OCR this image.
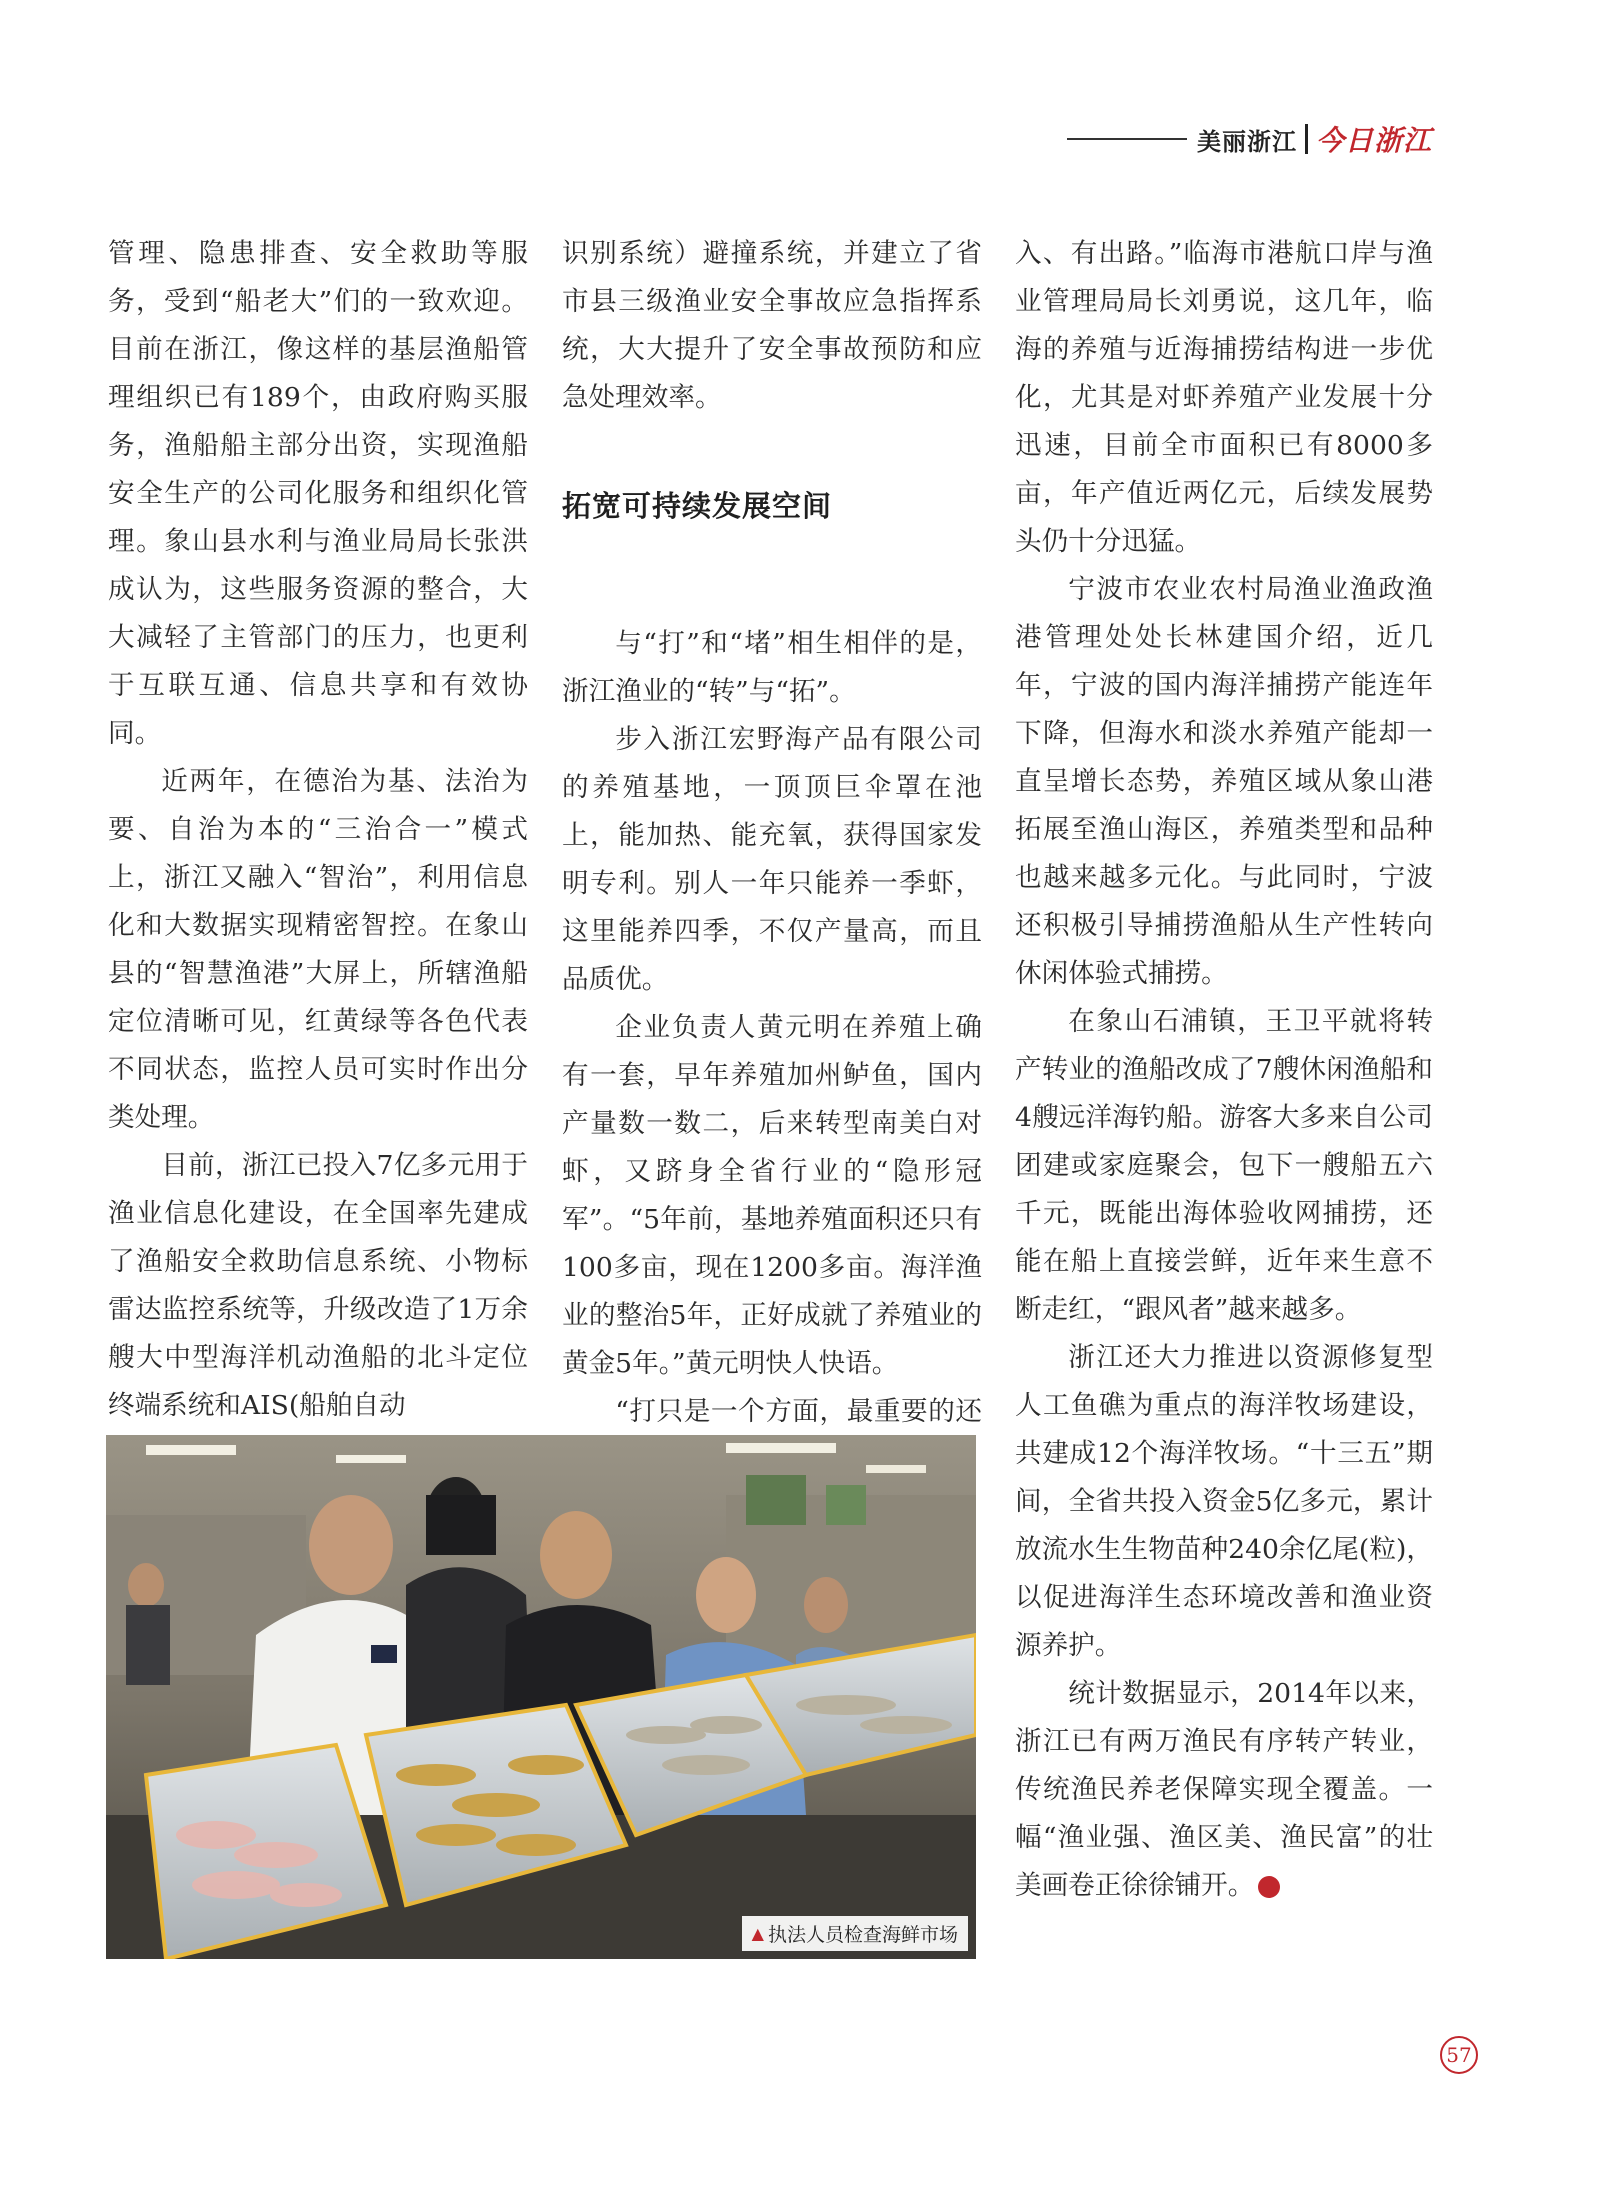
美丽浙江 今日浙江

管理、隐患排查、安全救助等服务，受到“船老大”们的一致欢迎。目前在浙江，像这样的基层渔船管理组织已有189个，由政府购买服务，渔船船主部分出资，实现渔船安全生产的公司化服务和组织化管理。象山县水利与渔业局局长张洪成认为，这些服务资源的整合，大大减轻了主管部门的压力，也更利于互联互通、信息共享和有效协同。

近两年，在德治为基、法治为要、自治为本的“三治合一”模式上，浙江又融入“智治”，利用信息化和大数据实现精密智控。在象山县的“智慧渔港”大屏上，所辖渔船定位清晰可见，红黄绿等各色代表不同状态，监控人员可实时作出分类处理。

目前，浙江已投入7亿多元用于渔业信息化建设，在全国率先建成了渔船安全救助信息系统、小物标雷达监控系统等，升级改造了1万余艘大中型海洋机动渔船的北斗定位终端系统和AIS(船舶自动

识别系统）避撞系统，并建立了省市县三级渔业安全事故应急指挥系统，大大提升了安全事故预防和应急处理效率。

拓宽可持续发展空间

与“打”和“堵”相生相伴的是，浙江渔业的“转”与“拓”。

步入浙江宏野海产品有限公司的养殖基地，一顶顶巨伞罩在池上，能加热、能充氧，获得国家发明专利。别人一年只能养一季虾，这里能养四季，不仅产量高，而且品质优。

企业负责人黄元明在养殖上确有一套，早年养殖加州鲈鱼，国内产量数一数二，后来转型南美白对虾，又跻身全省行业的“隐形冠军”。“5年前，基地养殖面积还只有100多亩，现在1200多亩。海洋渔业的整治5年，正好成就了养殖业的黄金5年。”黄元明快人快语。

“打只是一个方面，最重要的还

入、有出路。”临海市港航口岸与渔业管理局局长刘勇说，这几年，临海的养殖与近海捕捞结构进一步优化，尤其是对虾养殖产业发展十分迅速，目前全市面积已有8000多亩，年产值近两亿元，后续发展势头仍十分迅猛。

宁波市农业农村局渔业渔政渔港管理处处长林建国介绍，近几年，宁波的国内海洋捕捞产能连年下降，但海水和淡水养殖产能却一直呈增长态势，养殖区域从象山港拓展至渔山海区，养殖类型和品种也越来越多元化。与此同时，宁波还积极引导捕捞渔船从生产性转向休闲体验式捕捞。

在象山石浦镇，王卫平就将转产转业的渔船改成了7艘休闲渔船和4艘远洋海钓船。游客大多来自公司团建或家庭聚会，包下一艘船五六千元，既能出海体验收网捕捞，还能在船上直接尝鲜，近年来生意不断走红，“跟风者”越来越多。

浙江还大力推进以资源修复型人工鱼礁为重点的海洋牧场建设，共建成12个海洋牧场。“十三五”期间，全省共投入资金5亿多元，累计放流水生生物苗种240余亿尾(粒)，以促进海洋生态环境改善和渔业资源养护。

统计数据显示，2014年以来，浙江已有两万渔民有序转产转业，传统渔民养老保障实现全覆盖。一幅“渔业强、渔区美、渔民富”的壮美画卷正徐徐铺开。	今

▲ 执法人员检查海鲜市场
57
